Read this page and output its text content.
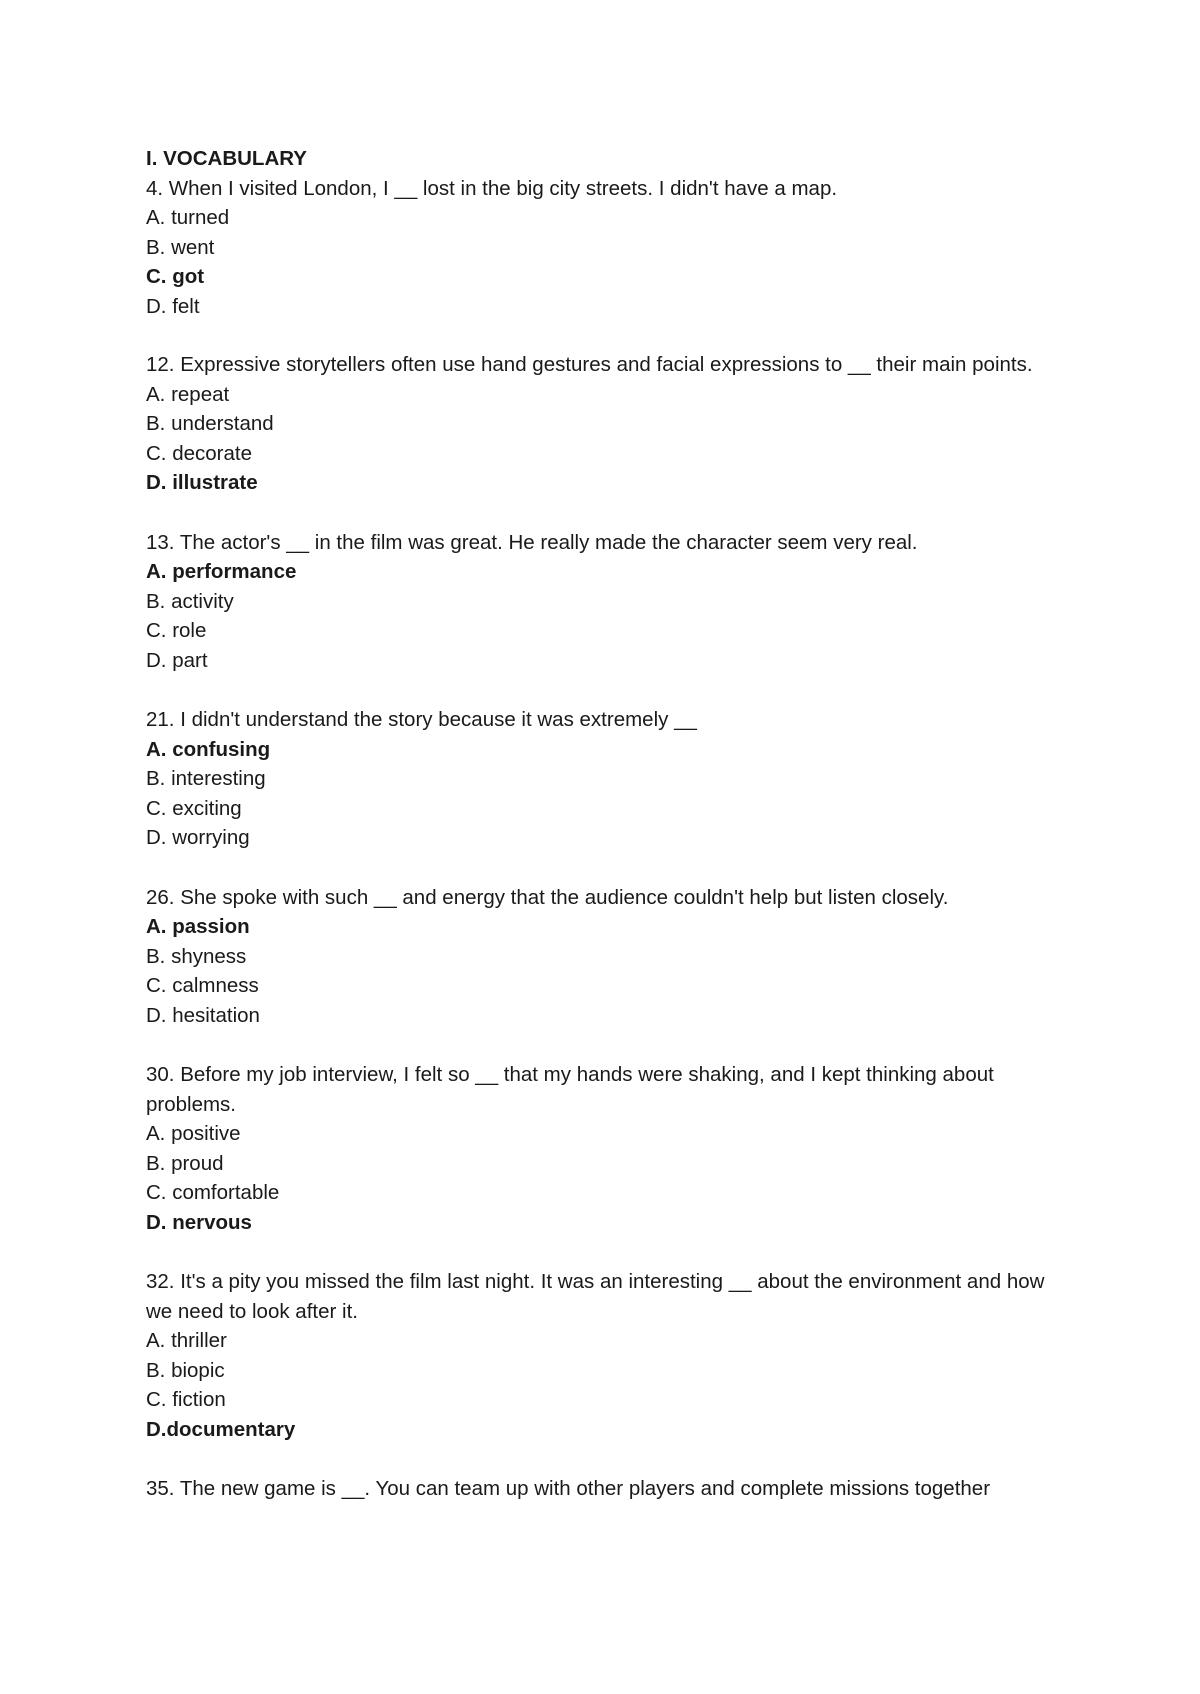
I. VOCABULARY

4. When I visited London, I __ lost in the big city streets. I didn't have a map.

A. turned

B. went

C. got

D. felt

12. Expressive storytellers often use hand gestures and facial expressions to __ their main points.

A. repeat

B. understand

C. decorate

D. illustrate

13. The actor's __ in the film was great. He really made the character seem very real.

A. performance

B. activity

C. role

D. part

21. I didn't understand the story because it was extremely __

A. confusing

B. interesting

C. exciting

D. worrying

26. She spoke with such __ and energy that the audience couldn't help but listen closely.

A. passion

B. shyness

C. calmness

D. hesitation

30. Before my job interview, I felt so __ that my hands were shaking, and I kept thinking about problems.

A. positive

B. proud

C. comfortable

D. nervous

32. It's a pity you missed the film last night. It was an interesting __ about the environment and how we need to look after it.

A. thriller

B. biopic

C. fiction

D.documentary

35. The new game is __. You can team up with other players and complete missions together
